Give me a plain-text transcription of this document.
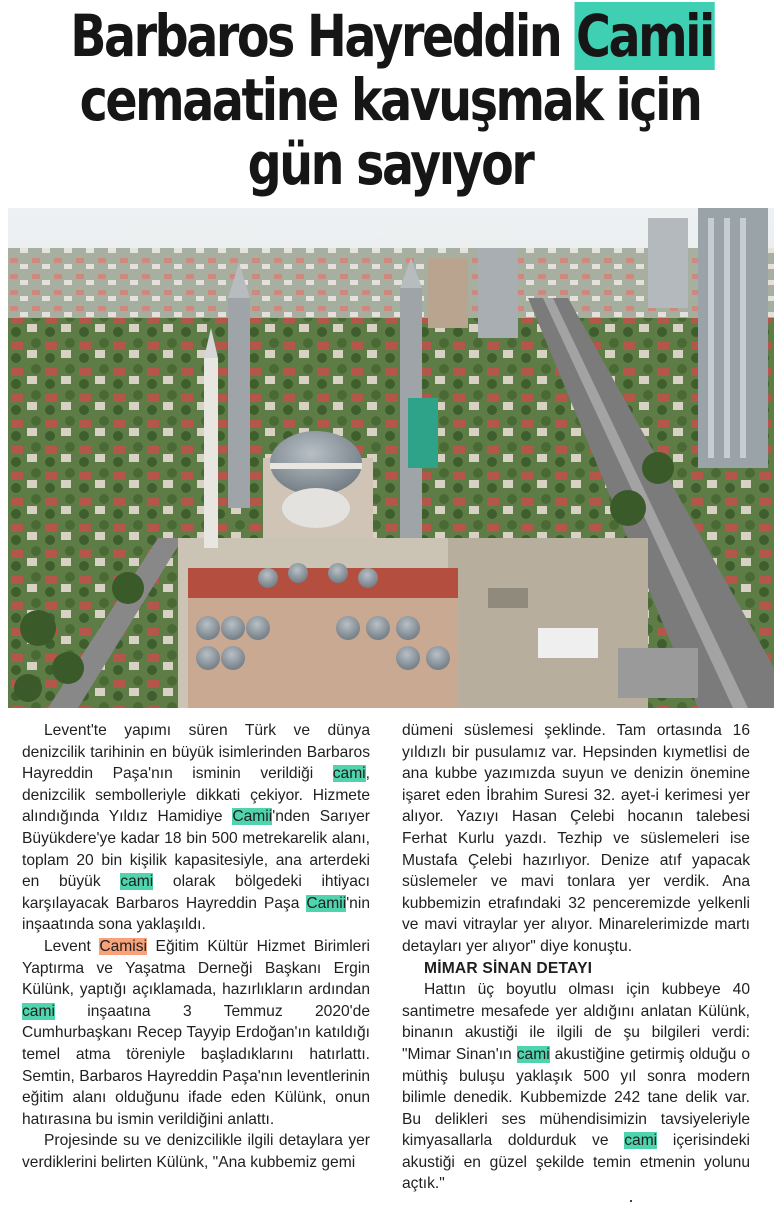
Barbaros Hayreddin Camii
cemaatine kavuşmak için
gün sayıyor

Levent'te yapımı süren Türk ve dünya denizcilik tarihinin en büyük isimlerinden Barbaros Hayreddin Paşa'nın isminin verildiği cami, denizcilik sembolleriyle dikkati çekiyor. Hizmete alındığında Yıldız Hamidiye Camii'nden Sarıyer Büyükdere'ye kadar 18 bin 500 metrekarelik alanı, toplam 20 bin kişilik kapasitesiyle, ana arterdeki en büyük cami olarak bölgedeki ihtiyacı karşılayacak Barbaros Hayreddin Paşa Camii'nin inşaatında sona yaklaşıldı.

Levent Camisi Eğitim Kültür Hizmet Birimleri Yaptırma ve Yaşatma Derneği Başkanı Ergin Külünk, yaptığı açıklamada, hazırlıkların ardından cami inşaatına 3 Temmuz 2020'de Cumhurbaşkanı Recep Tayyip Erdoğan'ın katıldığı temel atma töreniyle başladıklarını hatırlattı. Semtin, Barbaros Hayreddin Paşa'nın leventlerinin eğitim alanı olduğunu ifade eden Külünk, onun hatırasına bu ismin verildiğini anlattı.

Projesinde su ve denizcilikle ilgili detaylara yer verdiklerini belirten Külünk, "Ana kubbemiz gemi

dümeni süslemesi şeklinde. Tam ortasında 16 yıldızlı bir pusulamız var. Hepsinden kıymetlisi de ana kubbe yazımızda suyun ve denizin önemine işaret eden İbrahim Suresi 32. ayet-i kerimesi yer alıyor. Yazıyı Hasan Çelebi hocanın talebesi Ferhat Kurlu yazdı. Tezhip ve süslemeleri ise Mustafa Çelebi hazırlıyor. Denize atıf yapacak süslemeler ve mavi tonlara yer verdik. Ana kubbemizin etrafındaki 32 penceremizde yelkenli ve mavi vitraylar yer alıyor. Minarelerimizde martı detayları yer alıyor" diye konuştu.

MİMAR SİNAN DETAYI

Hattın üç boyutlu olması için kubbeye 40 santimetre mesafede yer aldığını anlatan Külünk, binanın akustiği ile ilgili de şu bilgileri verdi: "Mimar Sinan'ın cami akustiğine getirmiş olduğu o müthiş buluşu yaklaşık 500 yıl sonra modern bilimle denedik. Kubbemizde 242 tane delik var. Bu delikleri ses mühendisimizin tavsiyeleriyle kimyasallarla doldurduk ve cami içerisindeki akustiği en güzel şekilde temin etmenin yolunu açtık."
